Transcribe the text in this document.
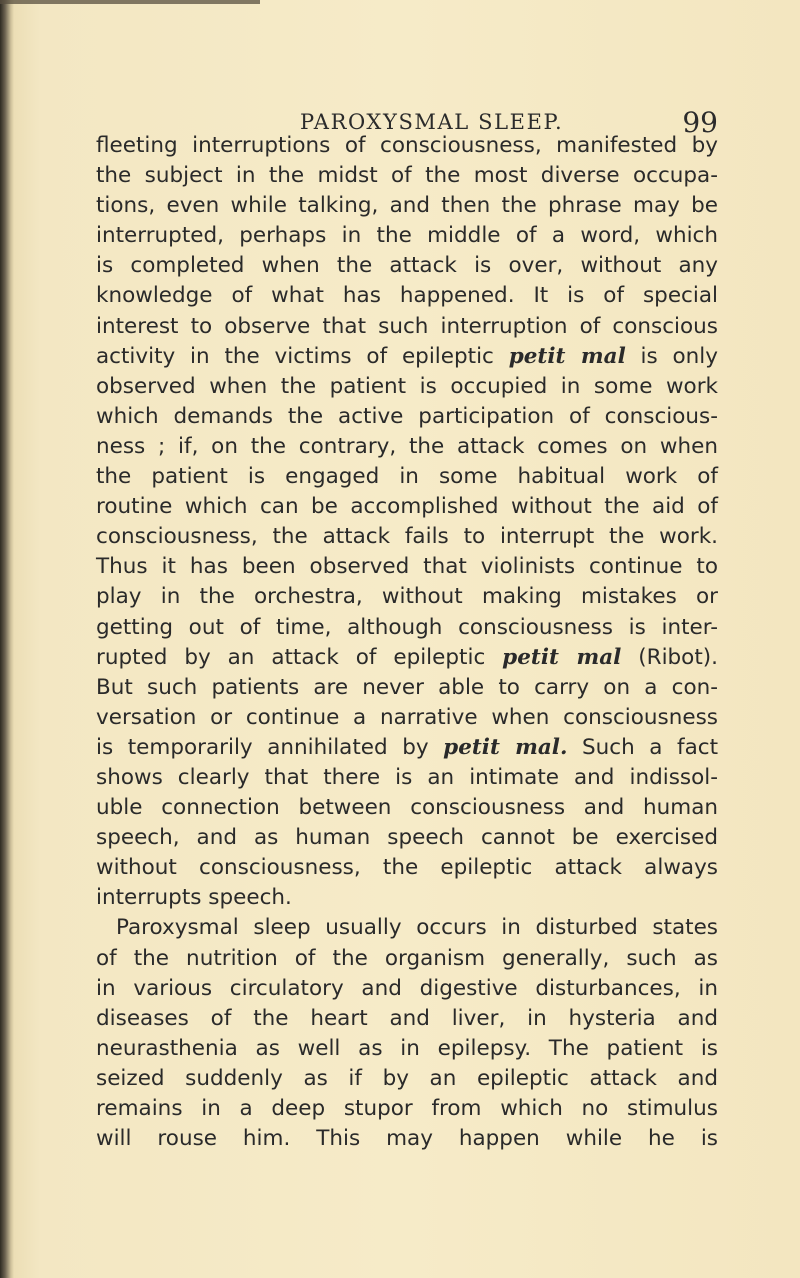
PAROXYSMAL SLEEP.	99
fleeting interruptions of consciousness, manifested by
the subject in the midst of the most diverse occupa-
tions, even while talking, and then the phrase may be
interrupted, perhaps in the middle of a word, which
is completed when the attack is over, without any
knowledge of what has happened. It is of special
interest to observe that such interruption of conscious
activity in the victims of epileptic petit mal is only
observed when the patient is occupied in some work
which demands the active participation of conscious-
ness ; if, on the contrary, the attack comes on when
the patient is engaged in some habitual work of
routine which can be accomplished without the aid of
consciousness, the attack fails to interrupt the work.
Thus it has been observed that violinists continue to
play in the orchestra, without making mistakes or
getting out of time, although consciousness is inter-
rupted by an attack of epileptic petit mal (Ribot).
But such patients are never able to carry on a con-
versation or continue a narrative when consciousness
is temporarily annihilated by petit mal. Such a fact
shows clearly that there is an intimate and indissol-
uble connection between consciousness and human
speech, and as human speech cannot be exercised
without consciousness, the epileptic attack always
interrupts speech.
Paroxysmal sleep usually occurs in disturbed states
of the nutrition of the organism generally, such as
in various circulatory and digestive disturbances, in
diseases of the heart and liver, in hysteria and
neurasthenia as well as in epilepsy. The patient is
seized suddenly as if by an epileptic attack and
remains in a deep stupor from which no stimulus
will rouse him. This may happen while he is
